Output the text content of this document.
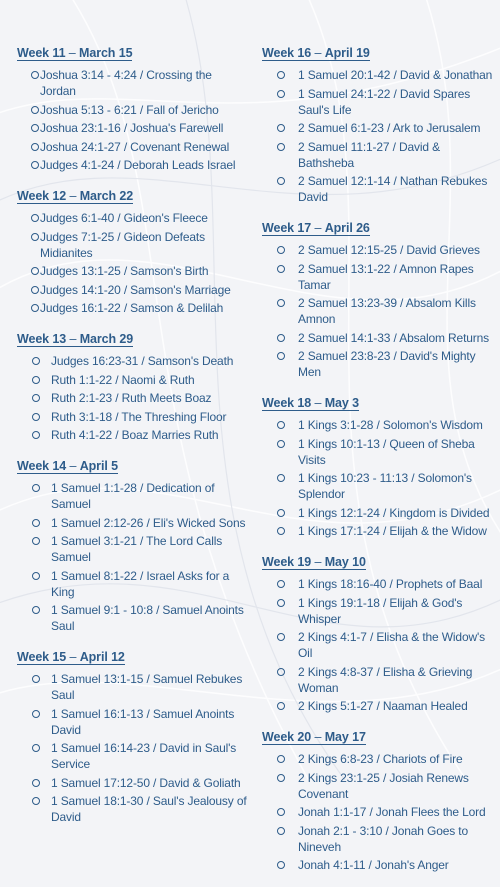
Week 11 – March 15
Joshua 3:14 - 4:24 / Crossing the Jordan
Joshua 5:13 - 6:21 / Fall of Jericho
Joshua 23:1-16 / Joshua's Farewell
Joshua 24:1-27 / Covenant Renewal
Judges 4:1-24 / Deborah Leads Israel
Week 12 – March 22
Judges 6:1-40 / Gideon's Fleece
Judges 7:1-25 / Gideon Defeats Midianites
Judges 13:1-25 / Samson's Birth
Judges 14:1-20 / Samson's Marriage
Judges 16:1-22 / Samson & Delilah
Week 13 – March 29
Judges 16:23-31 / Samson's Death
Ruth 1:1-22 / Naomi & Ruth
Ruth 2:1-23 / Ruth Meets Boaz
Ruth 3:1-18 / The Threshing Floor
Ruth 4:1-22 / Boaz Marries Ruth
Week 14 – April 5
1 Samuel 1:1-28 / Dedication of Samuel
1 Samuel 2:12-26 / Eli's Wicked Sons
1 Samuel 3:1-21 / The Lord Calls Samuel
1 Samuel 8:1-22 / Israel Asks for a King
1 Samuel 9:1 - 10:8 / Samuel Anoints Saul
Week 15 – April 12
1 Samuel 13:1-15 / Samuel Rebukes Saul
1 Samuel 16:1-13 / Samuel Anoints David
1 Samuel 16:14-23 / David in Saul's Service
1 Samuel 17:12-50 / David & Goliath
1 Samuel 18:1-30 / Saul's Jealousy of David
Week 16 – April 19
1 Samuel 20:1-42 / David & Jonathan
1 Samuel 24:1-22 / David Spares Saul's Life
2 Samuel 6:1-23 / Ark to Jerusalem
2 Samuel 11:1-27 / David & Bathsheba
2 Samuel 12:1-14 / Nathan Rebukes David
Week 17 – April 26
2 Samuel 12:15-25 / David Grieves
2 Samuel 13:1-22 / Amnon Rapes Tamar
2 Samuel 13:23-39 / Absalom Kills Amnon
2 Samuel 14:1-33 / Absalom Returns
2 Samuel 23:8-23 / David's Mighty Men
Week 18 – May 3
1 Kings 3:1-28 / Solomon's Wisdom
1 Kings 10:1-13 / Queen of Sheba Visits
1 Kings 10:23 - 11:13 / Solomon's Splendor
1 Kings 12:1-24 / Kingdom is Divided
1 Kings 17:1-24 / Elijah & the Widow
Week 19 – May 10
1 Kings 18:16-40 / Prophets of Baal
1 Kings 19:1-18 / Elijah & God's Whisper
2 Kings 4:1-7 / Elisha & the Widow's Oil
2 Kings 4:8-37 / Elisha & Grieving Woman
2 Kings 5:1-27 / Naaman Healed
Week 20 – May 17
2 Kings 6:8-23 / Chariots of Fire
2 Kings 23:1-25 / Josiah Renews Covenant
Jonah 1:1-17 / Jonah Flees the Lord
Jonah 2:1 - 3:10 / Jonah Goes to Nineveh
Jonah 4:1-11 / Jonah's Anger
